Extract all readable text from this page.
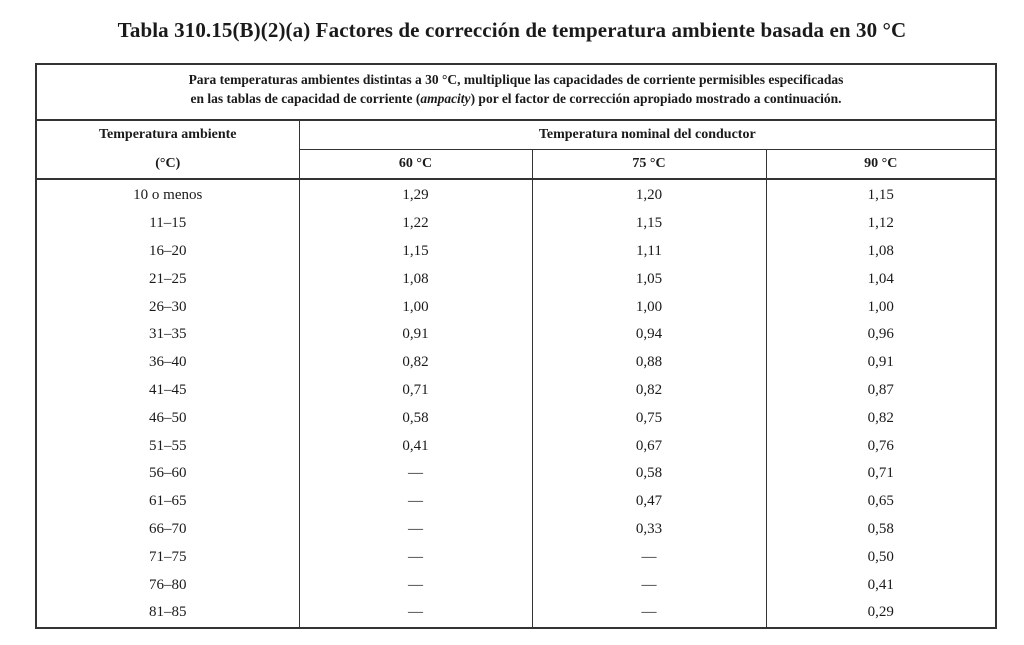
Tabla 310.15(B)(2)(a) Factores de corrección de temperatura ambiente basada en 30 °C
Para temperaturas ambientes distintas a 30 °C, multiplique las capacidades de corriente permisibles especificadas
en las tablas de capacidad de corriente (ampacity) por el factor de corrección apropiado mostrado a continuación.
Temperatura ambiente	Temperatura nominal del conductor		
(°C)	60 °C	75 °C	90 °C
10 o menos	1,29	1,20	1,15
11–15	1,22	1,15	1,12
16–20	1,15	1,11	1,08
21–25	1,08	1,05	1,04
26–30	1,00	1,00	1,00
31–35	0,91	0,94	0,96
36–40	0,82	0,88	0,91
41–45	0,71	0,82	0,87
46–50	0,58	0,75	0,82
51–55	0,41	0,67	0,76
56–60	—	0,58	0,71
61–65	—	0,47	0,65
66–70	—	0,33	0,58
71–75	—	—	0,50
76–80	—	—	0,41
81–85	—	—	0,29
